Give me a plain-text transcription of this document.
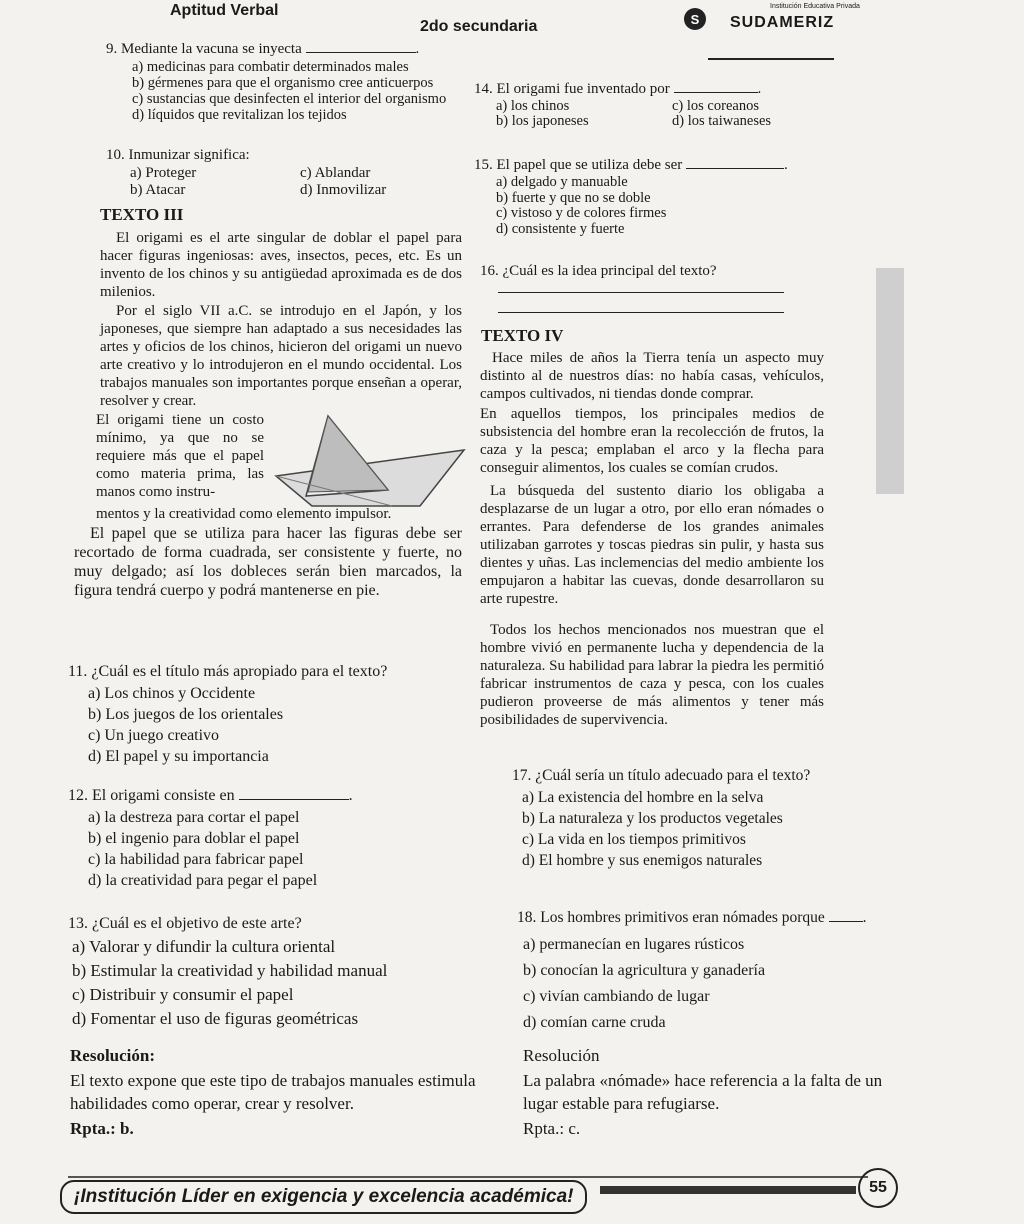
Aptitud Verbal
2do secundaria	S
Institución Educativa Privada
SUDAMERIZ
9. Mediante la vacuna se inyecta	.
a) medicinas para combatir determinados males
b) gérmenes para que el organismo cree anticuerpos
c) sustancias que desinfecten el interior del organismo
d) líquidos que revitalizan los tejidos
10. Inmunizar significa:
a) Proteger	c) Ablandar
b) Atacar	d) Inmovilizar
TEXTO III
El origami es el arte singular de doblar el papel para hacer figuras ingeniosas: aves, insectos, peces, etc. Es un invento de los chinos y su antigüedad aproximada es de dos milenios.
Por el siglo VII a.C. se introdujo en el Japón, y los japoneses, que siempre han adaptado a sus necesidades las artes y oficios de los chinos, hicieron del origami un nuevo arte creativo y lo introdujeron en el mundo occidental. Los trabajos manuales son importantes porque enseñan a operar, resolver y crear.
El origami tiene un costo mínimo, ya que no se requiere más que el papel como materia prima, las manos como instru-
mentos y la creatividad como elemento impulsor.
El papel que se utiliza para hacer las figuras debe ser recortado de forma cuadrada, ser consistente y fuerte, no muy delgado; así los dobleces serán bien marcados, la figura tendrá cuerpo y podrá mantenerse en pie.
11. ¿Cuál es el título más apropiado para el texto?
a) Los chinos y Occidente
b) Los juegos de los orientales
c) Un juego creativo
d) El papel y su importancia
12. El origami consiste en	.
a) la destreza para cortar el papel
b) el ingenio para doblar el papel
c) la habilidad para fabricar papel
d) la creatividad para pegar el papel
13. ¿Cuál es el objetivo de este arte?
a) Valorar y difundir la cultura oriental
b) Estimular la creatividad y habilidad manual
c) Distribuir y consumir el papel
d) Fomentar el uso de figuras geométricas
Resolución:
El texto expone que este tipo de trabajos manuales estimula habilidades como operar, crear y resolver.
Rpta.: b.
14. El origami fue inventado por	.
a) los chinos	c) los coreanos
b) los japoneses	d) los taiwaneses
15. El papel que se utiliza debe ser	.
a) delgado y manuable
b) fuerte y que no se doble
c) vistoso y de colores firmes
d) consistente y fuerte
16. ¿Cuál es la idea principal del texto?
TEXTO IV
Hace miles de años la Tierra tenía un aspecto muy distinto al de nuestros días: no había casas, vehículos, campos cultivados, ni tiendas donde comprar.
En aquellos tiempos, los principales medios de subsistencia del hombre eran la recolección de frutos, la caza y la pesca; emplaban el arco y la flecha para conseguir alimentos, los cuales se comían crudos.
La búsqueda del sustento diario los obligaba a desplazarse de un lugar a otro, por ello eran nómades o errantes. Para defenderse de los grandes animales utilizaban garrotes y toscas piedras sin pulir, y hasta sus dientes y uñas. Las inclemencias del medio ambiente los empujaron a habitar las cuevas, donde desarrollaron su arte rupestre.
Todos los hechos mencionados nos muestran que el hombre vivió en permanente lucha y dependencia de la naturaleza. Su habilidad para labrar la piedra les permitió fabricar instrumentos de caza y pesca, con los cuales pudieron proveerse de más alimentos y tener más posibilidades de supervivencia.
17. ¿Cuál sería un título adecuado para el texto?
a) La existencia del hombre en la selva
b) La naturaleza y los productos vegetales
c) La vida en los tiempos primitivos
d) El hombre y sus enemigos naturales
18. Los hombres primitivos eran nómades porque .
a) permanecían en lugares rústicos
b) conocían la agricultura y ganadería
c) vivían cambiando de lugar
d) comían carne cruda
Resolución
La palabra «nómade» hace referencia a la falta de un lugar estable para refugiarse.
Rpta.: c.
¡Institución Líder en exigencia y excelencia académica!	55
